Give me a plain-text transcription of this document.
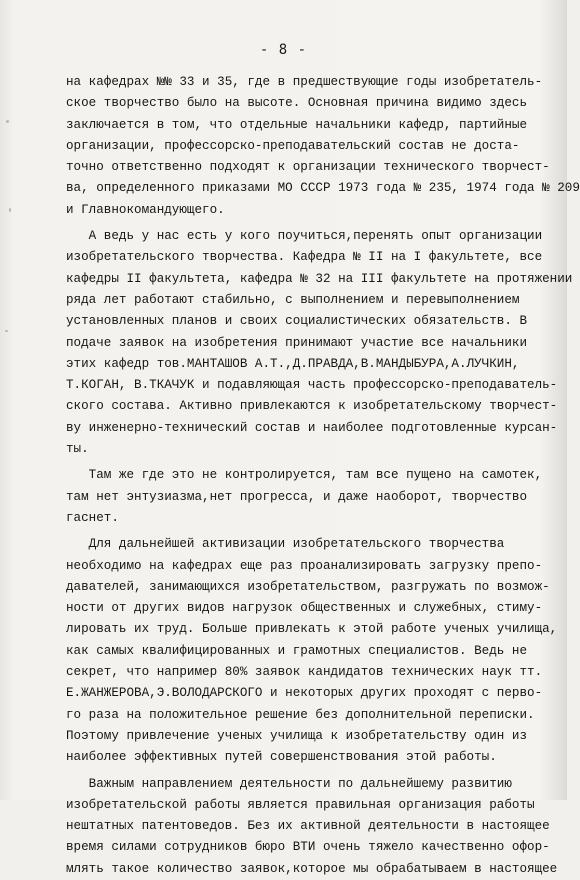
- 8 -
на кафедрах №№ 33 и 35, где в предшествующие годы изобретатель-
ское творчество было на высоте. Основная причина видимо здесь
заключается в том, что отдельные начальники кафедр, партийные
организации, профессорско-преподавательский состав не доста-
точно ответственно подходят к организации технического творчест-
ва, определенного приказами МО СССР 1973 года № 235, 1974 года № 209
и Главнокомандующего.
А ведь у нас есть у кого поучиться,перенять опыт организации
изобретательского творчества. Кафедра № II на I факультете, все
кафедры II факультета, кафедра № 32 на III факультете на протяжении
ряда лет работают стабильно, с выполнением и перевыполнением
установленных планов и своих социалистических обязательств. В
подаче заявок на изобретения принимают участие все начальники
этих кафедр тов.МАНТАШОВ А.Т.,Д.ПРАВДА,В.МАНДЫБУРА,А.ЛУЧКИН,
Т.КОГАН, В.ТКАЧУК и подавляющая часть профессорско-преподаватель-
ского состава. Активно привлекаются к изобретательскому творчест-
ву инженерно-технический состав и наиболее подготовленные курсан-
ты.
Там же где это не контролируется, там все пущено на самотек,
там нет энтузиазма,нет прогресса, и даже наоборот, творчество
гаснет.
Для дальнейшей активизации изобретательского творчества
необходимо на кафедрах еще раз проанализировать загрузку препо-
давателей, занимающихся изобретательством, разгружать по возмож-
ности от других видов нагрузок общественных и служебных, стиму-
лировать их труд. Больше привлекать к этой работе ученых училища,
как самых квалифицированных и грамотных специалистов. Ведь не
секрет, что например 80% заявок кандидатов технических наук тт.
Е.ЖАНЖЕРОВА,Э.ВОЛОДАРСКОГО и некоторых других проходят с перво-
го раза на положительное решение без дополнительной переписки.
Поэтому привлечение ученых училища к изобретательству один из
наиболее эффективных путей совершенствования этой работы.
Важным направлением деятельности по дальнейшему развитию
изобретательской работы является правильная организация работы
нештатных патентоведов. Без их активной деятельности в настоящее
время силами сотрудников бюро ВТИ очень тяжело качественно офор-
млять такое количество заявок,которое мы обрабатываем в настоящее
